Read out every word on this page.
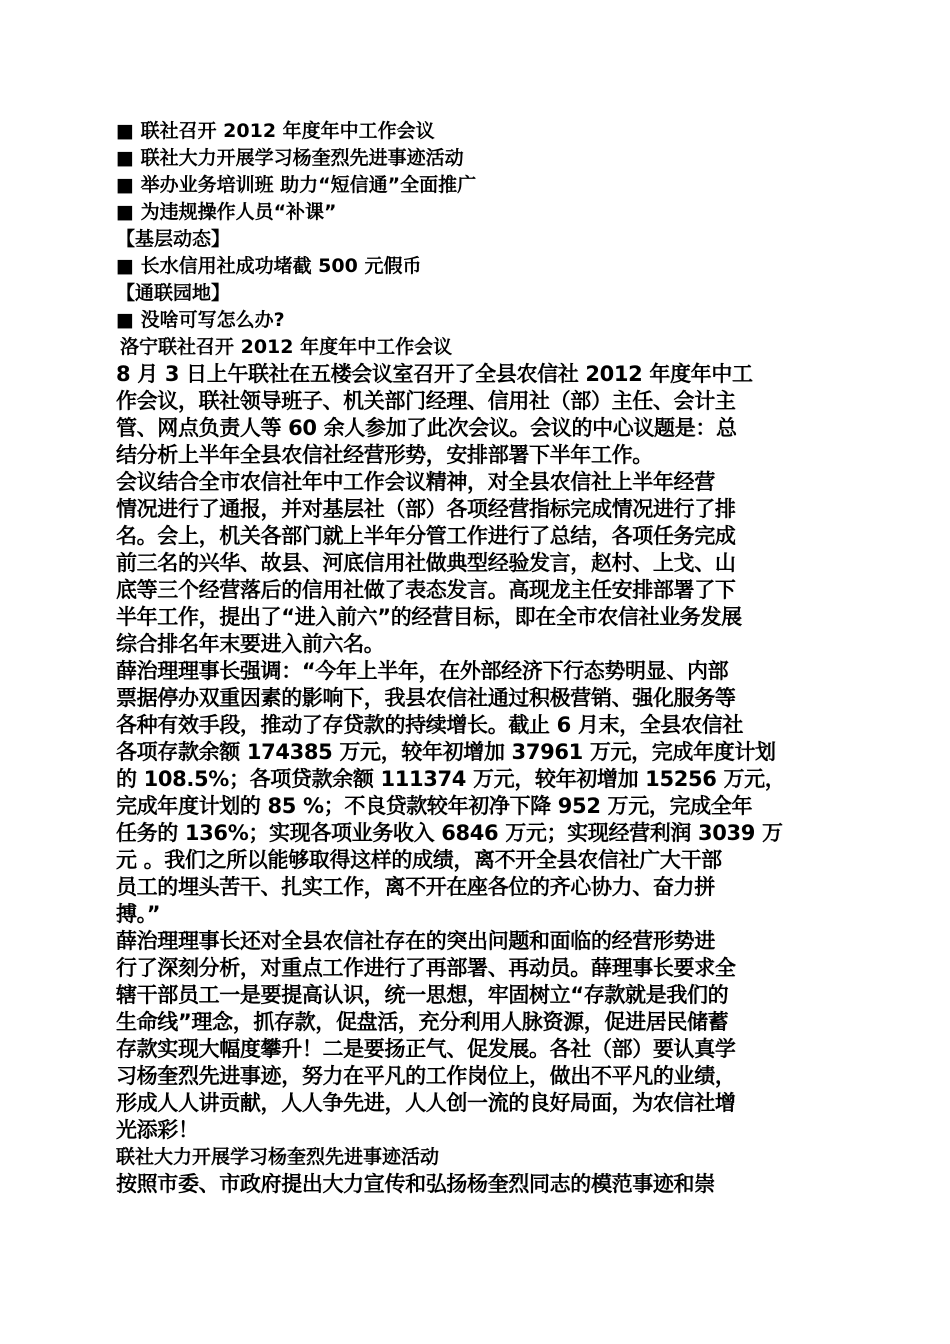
■ 联社召开 2012 年度年中工作会议
■ 联社大力开展学习杨奎烈先进事迹活动
■ 举办业务培训班 助力“短信通”全面推广
■ 为违规操作人员“补课”
【基层动态】
■ 长水信用社成功堵截 500 元假币
【通联园地】
■ 没啥可写怎么办?
洛宁联社召开 2012 年度年中工作会议
8 月 3 日上午联社在五楼会议室召开了全县农信社 2012 年度年中工
作会议，联社领导班子、机关部门经理、信用社（部）主任、会计主
管、网点负责人等 60 余人参加了此次会议。会议的中心议题是：总
结分析上半年全县农信社经营形势，安排部署下半年工作。
会议结合全市农信社年中工作会议精神，对全县农信社上半年经营
情况进行了通报，并对基层社（部）各项经营指标完成情况进行了排
名。会上，机关各部门就上半年分管工作进行了总结，各项任务完成
前三名的兴华、故县、河底信用社做典型经验发言，赵村、上戈、山
底等三个经营落后的信用社做了表态发言。高现龙主任安排部署了下
半年工作，提出了“进入前六”的经营目标，即在全市农信社业务发展
综合排名年末要进入前六名。
薛治理理事长强调：“今年上半年，在外部经济下行态势明显、内部
票据停办双重因素的影响下，我县农信社通过积极营销、强化服务等
各种有效手段，推动了存贷款的持续增长。截止 6 月末，全县农信社
各项存款余额 174385 万元，较年初增加 37961 万元，完成年度计划
的 108.5%；各项贷款余额 111374 万元，较年初增加 15256 万元，
完成年度计划的 85 %；不良贷款较年初净下降 952 万元，完成全年
任务的 136%；实现各项业务收入 6846 万元；实现经营利润 3039 万
元 。我们之所以能够取得这样的成绩，离不开全县农信社广大干部
员工的埋头苦干、扎实工作，离不开在座各位的齐心协力、奋力拼
搏。”
薛治理理事长还对全县农信社存在的突出问题和面临的经营形势进
行了深刻分析，对重点工作进行了再部署、再动员。薛理事长要求全
辖干部员工一是要提高认识，统一思想，牢固树立“存款就是我们的
生命线”理念，抓存款，促盘活，充分利用人脉资源，促进居民储蓄
存款实现大幅度攀升！二是要扬正气、促发展。各社（部）要认真学
习杨奎烈先进事迹，努力在平凡的工作岗位上，做出不平凡的业绩，
形成人人讲贡献，人人争先进，人人创一流的良好局面，为农信社增
光添彩！
联社大力开展学习杨奎烈先进事迹活动
按照市委、市政府提出大力宣传和弘扬杨奎烈同志的模范事迹和崇
